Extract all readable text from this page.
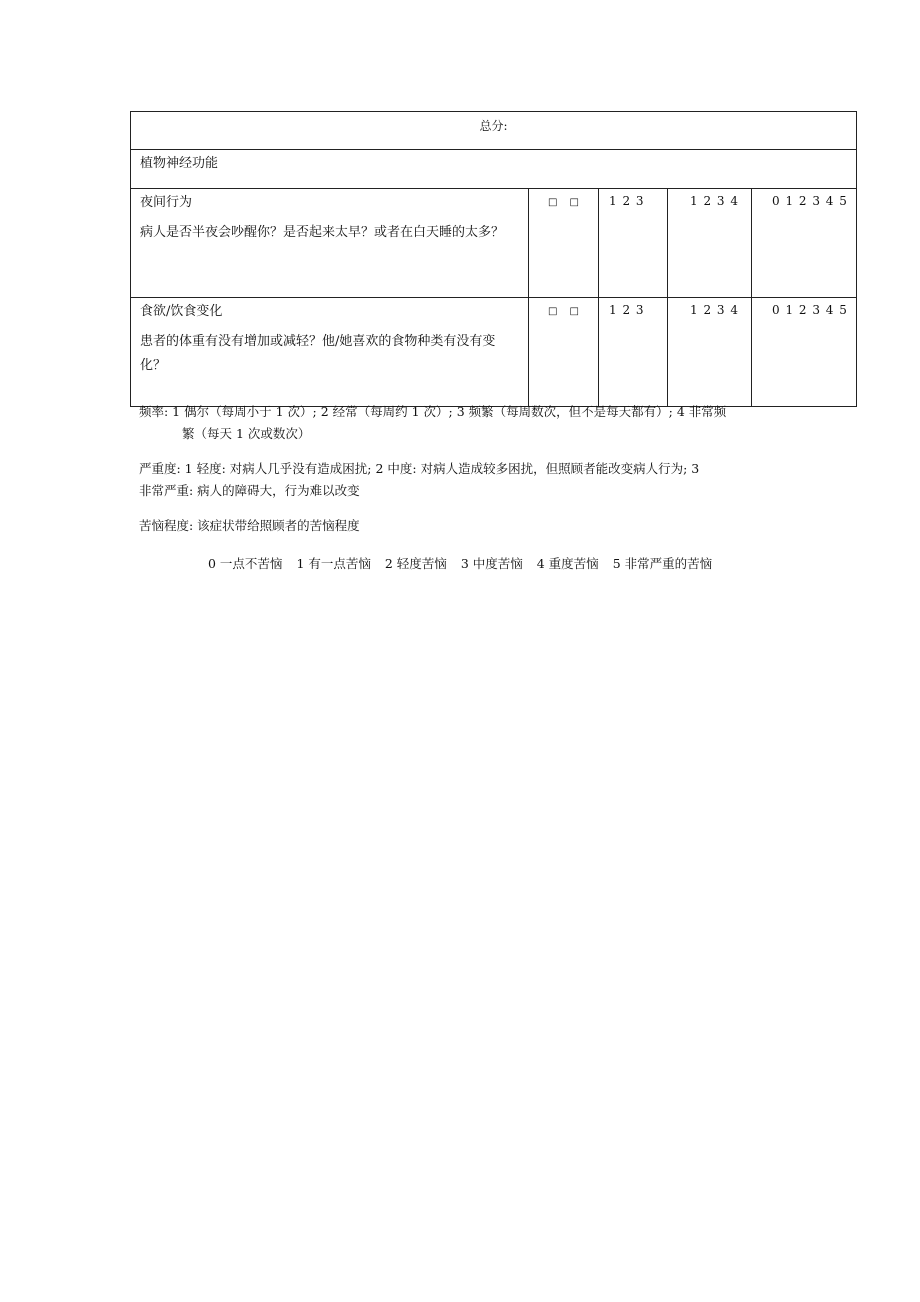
总分:				
植物神经功能				

夜间行为
病人是否半夜会吵醒你？是否起来太早？或者在白天睡的太多？	□ □	1 2 3	1 2 3 4	0 1 2 3 4 5

食欲/饮食变化
患者的体重有没有增加或减轻？他/她喜欢的食物种类有没有变化？	□ □	1 2 3	1 2 3 4	0 1 2 3 4 5

频率: 1 偶尔（每周小于 1 次）; 2 经常（每周约 1 次）; 3 频繁（每周数次，但不是每天都有）; 4 非常频

繁（每天 1 次或数次）

严重度: 1 轻度: 对病人几乎没有造成困扰; 2 中度: 对病人造成较多困扰，但照顾者能改变病人行为; 3

非常严重: 病人的障碍大，行为难以改变

苦恼程度: 该症状带给照顾者的苦恼程度

0 一点不苦恼 1 有一点苦恼 2 轻度苦恼 3 中度苦恼 4 重度苦恼 5 非常严重的苦恼
